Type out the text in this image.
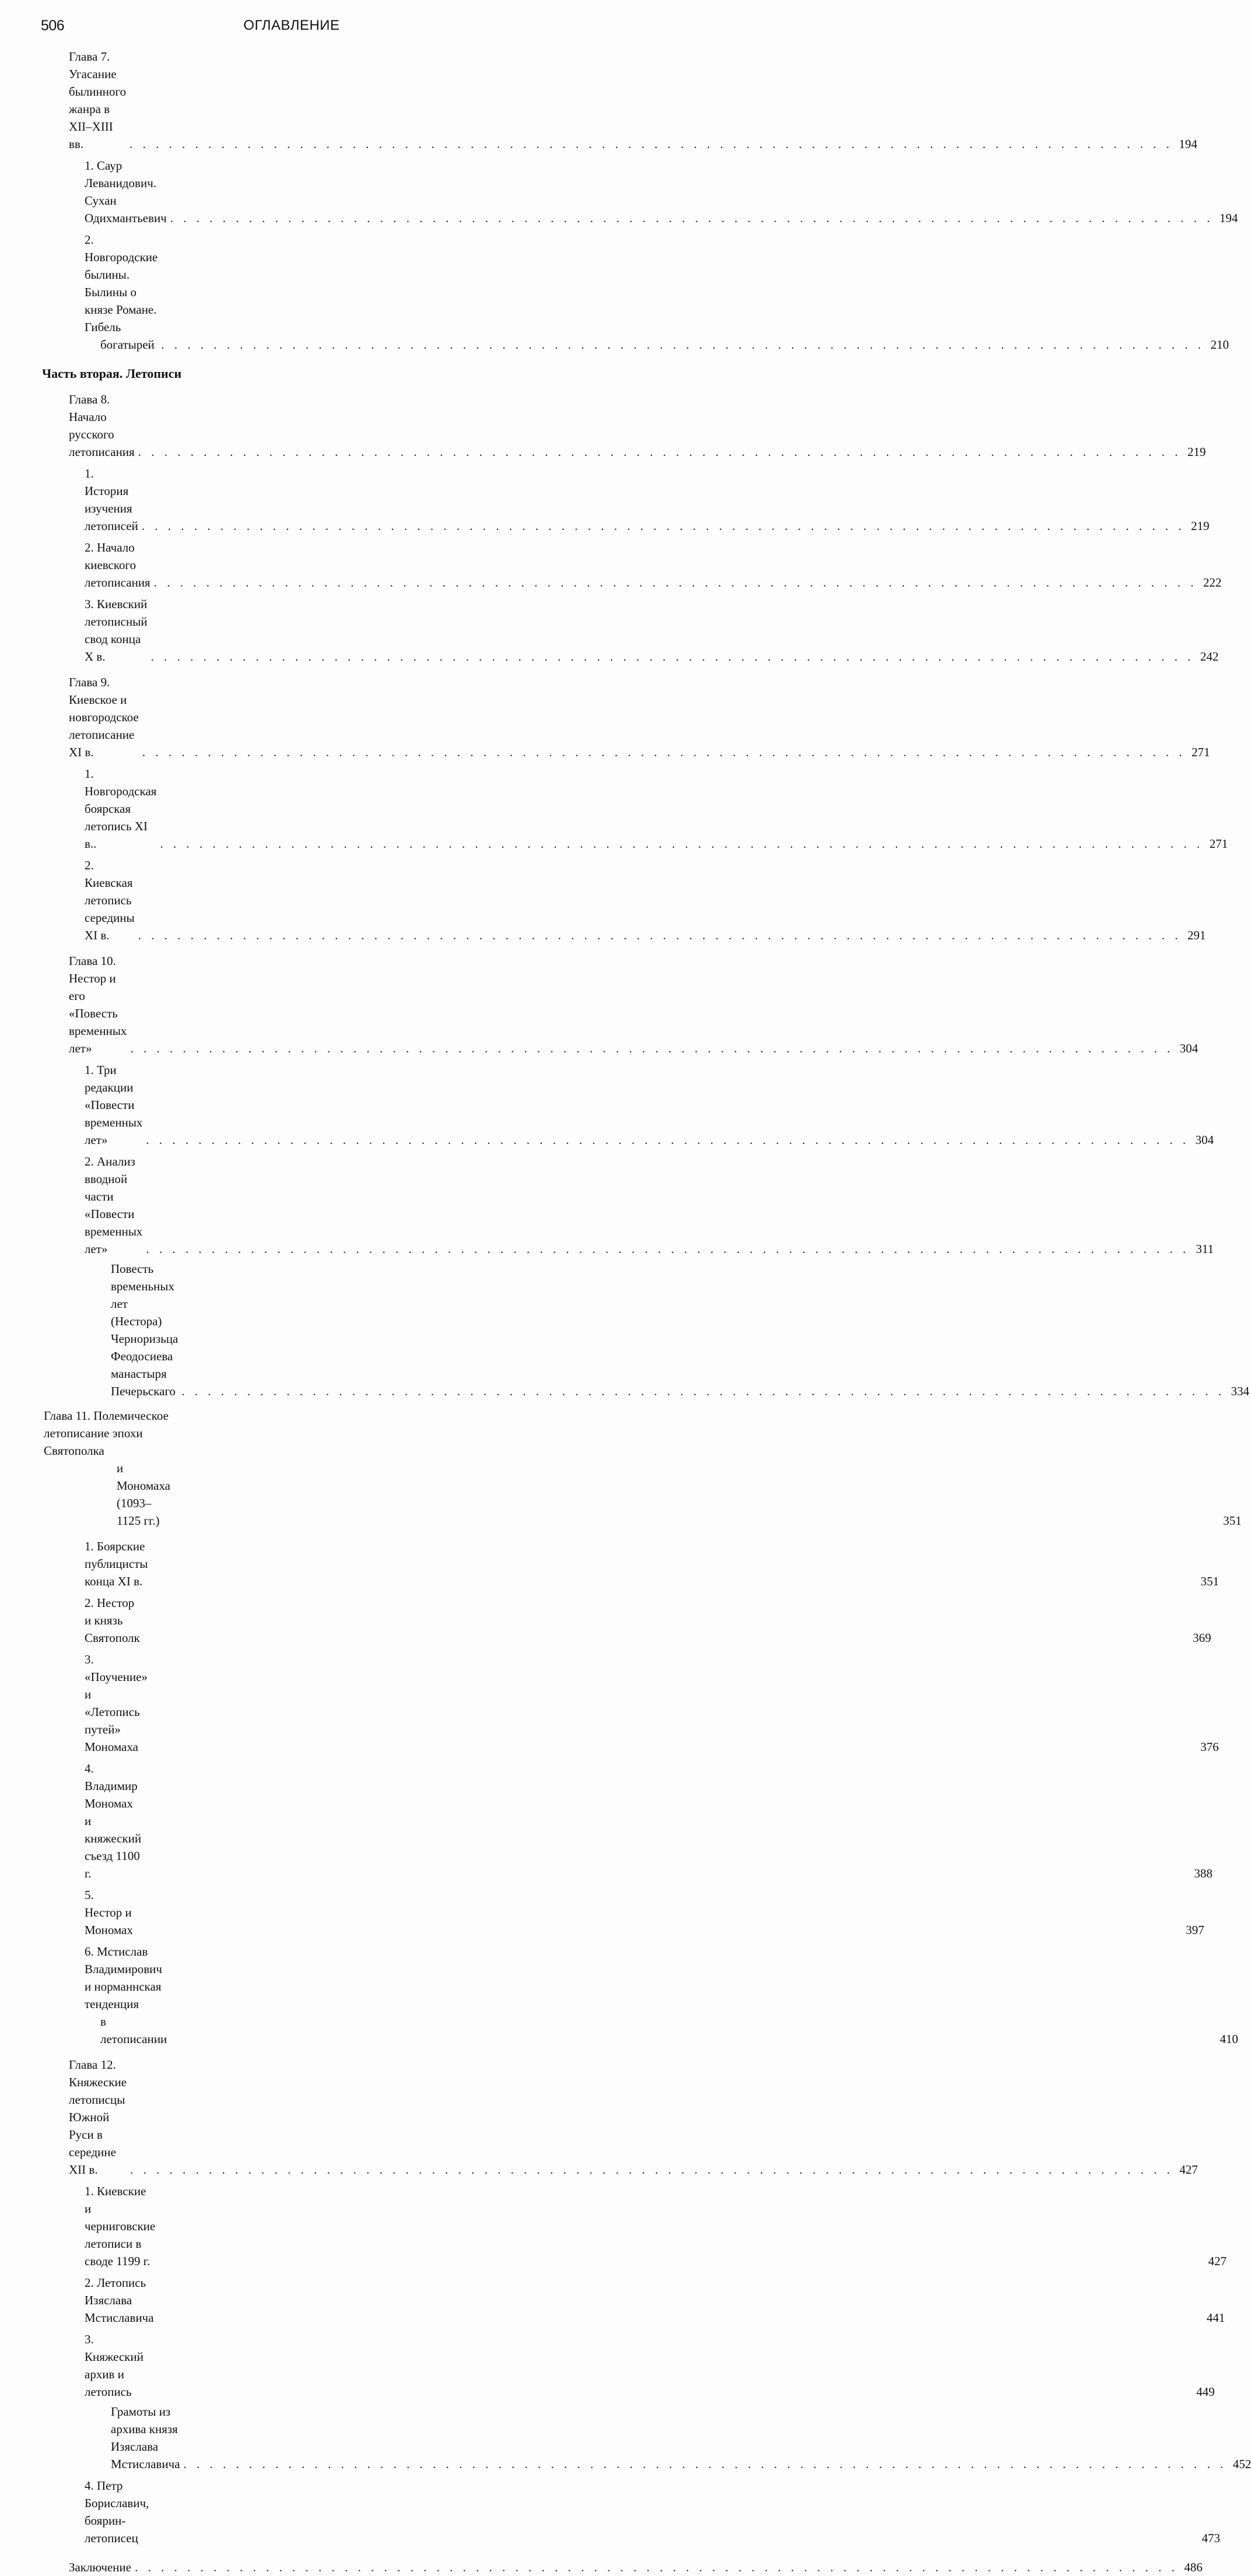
506	ОГЛАВЛЕНИЕ
Глава 7. Угасание былинного жанра в XII–XIII вв. . . .	194
1. Саур Леванидович. Сухан Одихмантьевич . . .	194
2. Новгородские былины. Былины о князе Романе. Гибель
богатырей . . .	210
Часть вторая. Летописи
Глава 8. Начало русского летописания . . .	219
1. История изучения летописей . . .	219
2. Начало киевского летописания . . .	222
3. Киевский летописный свод конца X в. . . .	242
Глава 9. Киевское и новгородское летописание XI в. . . .	271
1. Новгородская боярская летопись XI в.. . . .	271
2. Киевская летопись середины XI в. . . .	291
Глава 10. Нестор и его «Повесть временных лет» . . .	304
1. Три редакции «Повести временных лет» . . .	304
2. Анализ вводной части «Повести временных лет» . . .	311
Повесть временьных лет (Нестора) Черноризьца
Феодосиева манастыря Печерьскаго . . .	334
Глава 11. Полемическое летописание эпохи Святополка
и Мономаха (1093–1125 гг.)	351
1. Боярские публицисты конца XI в.	351
2. Нестор и князь Святополк	369
3. «Поучение» и «Летопись путей» Мономаха	376
4. Владимир Мономах и княжеский съезд 1100 г.	388
5. Нестор и Мономах	397
6. Мстислав Владимирович и норманнская тенденция
в летописании	410
Глава 12. Княжеские летописцы Южной Руси в середине XII в. . . .	427
1. Киевские и черниговские летописи в своде 1199 г.	427
2. Летопись Изяслава Мстиславича	441
3. Княжеский архив и летопись	449
Грамоты из архива князя Изяслава Мстиславича . . .	452
4. Петр Бориславич, боярин-летописец	473
Заключение . . .	486
